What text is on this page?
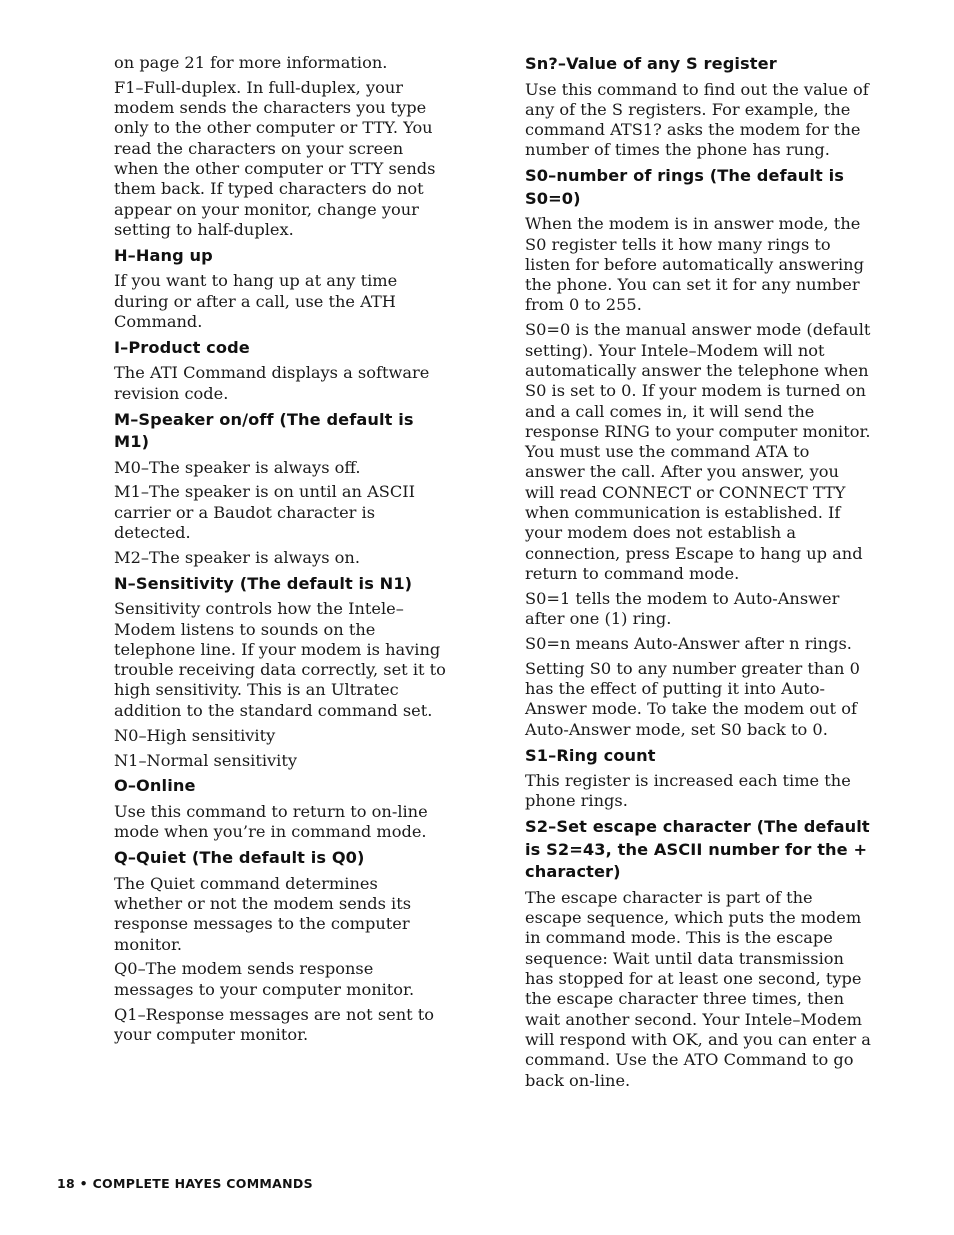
on page 21 for more information.

F1–Full-duplex. In full-duplex, your modem sends the characters you type only to the other computer or TTY. You read the characters on your screen when the other computer or TTY sends them back. If typed characters do not appear on your monitor, change your setting to half-duplex.

H–Hang up

If you want to hang up at any time during or after a call, use the ATH Command.

I–Product code

The ATI Command displays a software revision code.

M–Speaker on/off (The default is M1)

M0–The speaker is always off.

M1–The speaker is on until an ASCII carrier or a Baudot character is detected.

M2–The speaker is always on.

N–Sensitivity (The default is N1)

Sensitivity controls how the Intele–Modem listens to sounds on the telephone line. If your modem is having trouble receiving data correctly, set it to high sensitivity. This is an Ultratec addition to the standard command set.

N0–High sensitivity

N1–Normal sensitivity

O–Online

Use this command to return to on-line mode when you’re in command mode.

Q–Quiet (The default is Q0)

The Quiet command determines whether or not the modem sends its response messages to the computer monitor.

Q0–The modem sends response messages to your computer monitor.

Q1–Response messages are not sent to your computer monitor.

Sn?–Value of any S register

Use this command to find out the value of any of the S registers. For example, the command ATS1? asks the modem for the number of times the phone has rung.

S0–number of rings (The default is S0=0)

When the modem is in answer mode, the S0 register tells it how many rings to listen for before automatically answering the phone. You can set it for any number from 0 to 255.

S0=0 is the manual answer mode (default setting). Your Intele–Modem will not automatically answer the telephone when S0 is set to 0. If your modem is turned on and a call comes in, it will send the response RING to your computer monitor. You must use the command ATA to answer the call. After you answer, you will read CONNECT or CONNECT TTY when communication is established. If your modem does not establish a connection, press Escape to hang up and return to command mode.

S0=1 tells the modem to Auto-Answer after one (1) ring.

S0=n means Auto-Answer after n rings.

Setting S0 to any number greater than 0 has the effect of putting it into Auto-Answer mode. To take the modem out of Auto-Answer mode, set S0 back to 0.

S1–Ring count

This register is increased each time the phone rings.

S2–Set escape character (The default is S2=43, the ASCII number for the + character)

The escape character is part of the escape sequence, which puts the modem in command mode. This is the escape sequence: Wait until data transmission has stopped for at least one second, type the escape character three times, then wait another second. Your Intele–Modem will respond with OK, and you can enter a command. Use the ATO Command to go back on-line.

18 • COMPLETE HAYES COMMANDS
